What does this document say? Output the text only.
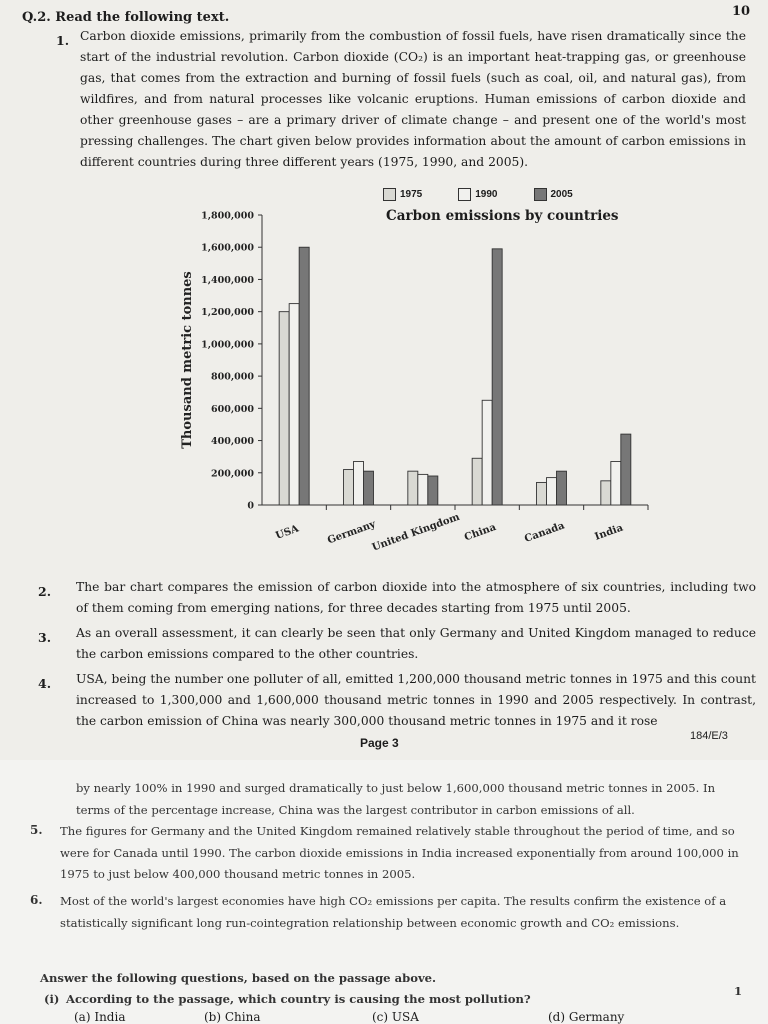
Q.2. Read the following text.	10
1. Carbon dioxide emissions, primarily from the combustion of fossil fuels, have risen dramatically since the start of the industrial revolution. Carbon dioxide (CO₂) is an important heat-trapping gas, or greenhouse gas, that comes from the extraction and burning of fossil fuels (such as coal, oil, and natural gas), from wildfires, and from natural processes like volcanic eruptions. Human emissions of carbon dioxide and other greenhouse gases – are a primary driver of climate change – and present one of the world's most pressing challenges. The chart given below provides information about the amount of carbon emissions in different countries during three different years (1975, 1990, and 2005).
1975	1990	2005
Carbon emissions by countries
0
200,000
400,000
600,000
800,000
1,000,000
1,200,000
1,400,000
1,600,000
1,800,000
Thousand metric tonnes
USA	Germany
United Kingdom China	Canada	India
2. The bar chart compares the emission of carbon dioxide into the atmosphere of six countries, including two of them coming from emerging nations, for three decades starting from 1975 until 2005.
3. As an overall assessment, it can clearly be seen that only Germany and United Kingdom managed to reduce the carbon emissions compared to the other countries.
4. USA, being the number one polluter of all, emitted 1,200,000 thousand metric tonnes in 1975 and this count increased to 1,300,000 and 1,600,000 thousand metric tonnes in 1990 and 2005 respectively. In contrast, the carbon emission of China was nearly 300,000 thousand metric tonnes in 1975 and it rose
Page 3	184/E/3
by nearly 100% in 1990 and surged dramatically to just below 1,600,000 thousand metric tonnes in 2005. In terms of the percentage increase, China was the largest contributor in carbon emissions of all.
5. The figures for Germany and the United Kingdom remained relatively stable throughout the period of time, and so were for Canada until 1990. The carbon dioxide emissions in India increased exponentially from around 100,000 in 1975 to just below 400,000 thousand metric tonnes in 2005.
6. Most of the world's largest economies have high CO₂ emissions per capita. The results confirm the existence of a statistically significant long run-cointegration relationship between economic growth and CO₂ emissions.
Answer the following questions, based on the passage above.
(i) According to the passage, which country is causing the most pollution?
1
(a) India	(b) China	(c) USA	(d) Germany
